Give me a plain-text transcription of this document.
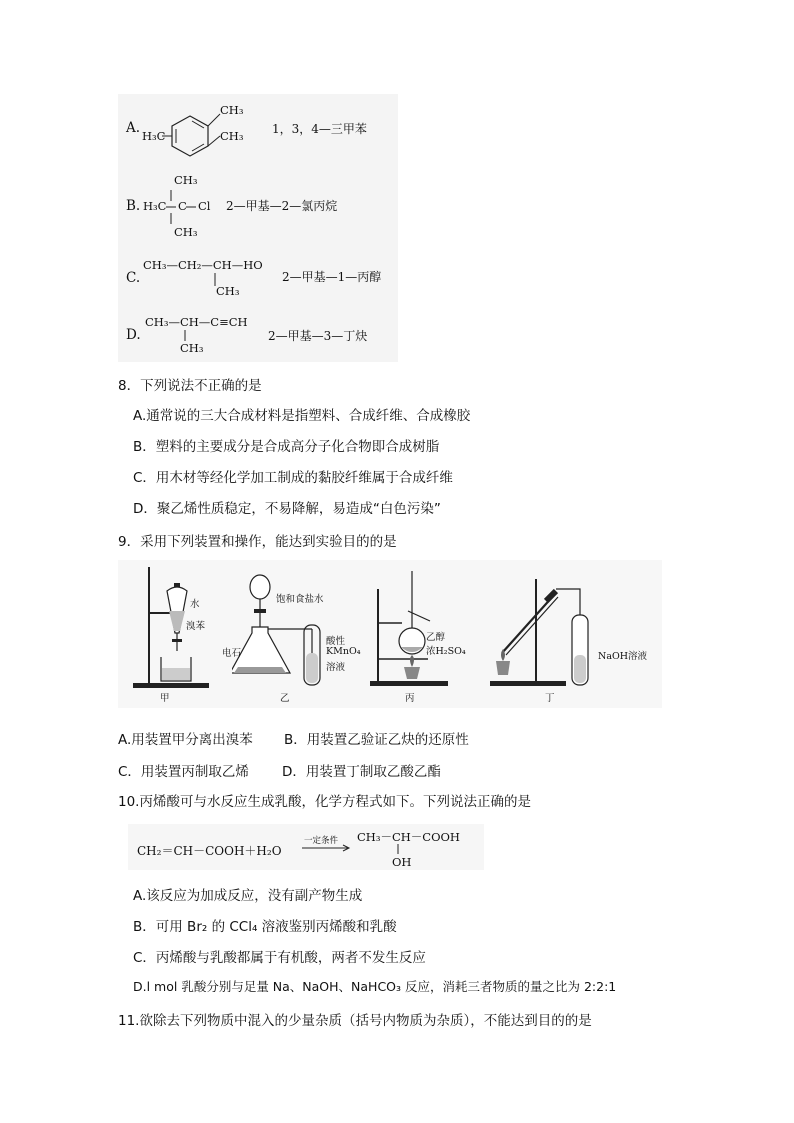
A. H₃C
CH₃
CH₃ 1，3，4—三甲苯
B. H₃C C Cl
CH₃
CH₃
2—甲基—2—氯丙烷
C.
CH₃—CH₂—CH—HO
CH₃
2—甲基—1—丙醇
D.
CH₃—CH—C≡CH
CH₃
2—甲基—3—丁炔
8．下列说法不正确的是
A.通常说的三大合成材料是指塑料、合成纤维、合成橡胶
B．塑料的主要成分是合成高分子化合物即合成树脂
C．用木材等经化学加工制成的黏胶纤维属于合成纤维
D．聚乙烯性质稳定，不易降解，易造成“白色污染”
9．采用下列装置和操作，能达到实验目的的是
水
溴苯
甲
饱和食盐水
电石
酸性
KMnO₄
溶液
乙
乙醇
浓H₂SO₄
丙
NaOH溶液
丁
A.用装置甲分离出溴苯 B．用装置乙验证乙炔的还原性
C．用装置丙制取乙烯 D．用装置丁制取乙酸乙酯
10.丙烯酸可与水反应生成乳酸，化学方程式如下。下列说法正确的是
CH₂＝CH－COOH＋H₂O
一定条件 CH₃－CH－COOH
OH
A.该反应为加成反应，没有副产物生成
B．可用 Br₂ 的 CCl₄ 溶液鉴别丙烯酸和乳酸
C．丙烯酸与乳酸都属于有机酸，两者不发生反应
D.l mol 乳酸分别与足量 Na、NaOH、NaHCO₃ 反应，消耗三者物质的量之比为 2:2:1
11.欲除去下列物质中混入的少量杂质（括号内物质为杂质），不能达到目的的是
